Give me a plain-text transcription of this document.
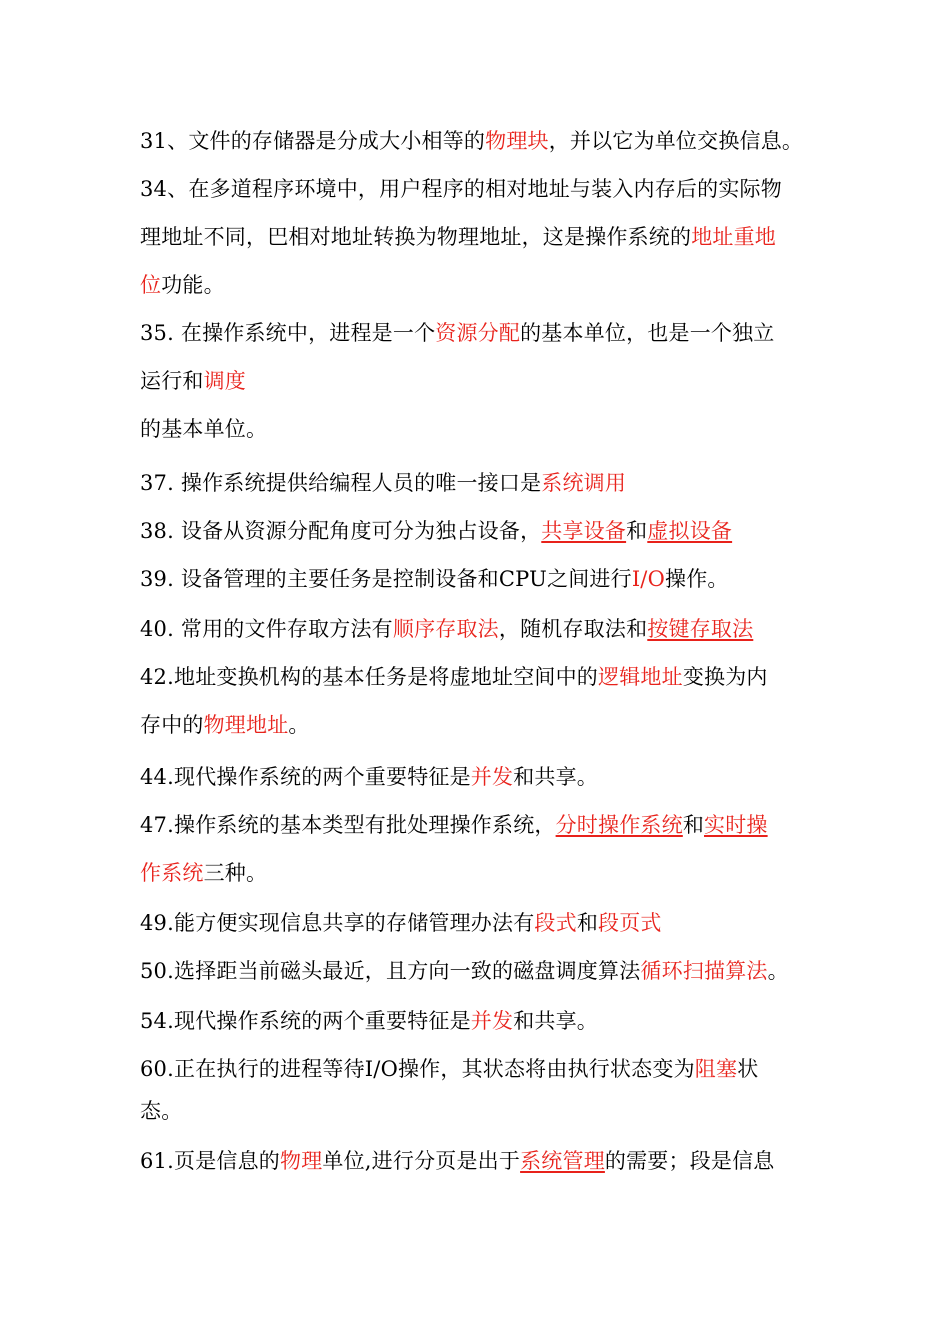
31、文件的存储器是分成大小相等的物理块，并以它为单位交换信息。
34、在多道程序环境中，用户程序的相对地址与装入内存后的实际物
理地址不同，巴相对地址转换为物理地址，这是操作系统的地址重地
位功能。
35. 在操作系统中，进程是一个资源分配的基本单位，也是一个独立
运行和调度
的基本单位。
37. 操作系统提供给编程人员的唯一接口是系统调用
38. 设备从资源分配角度可分为独占设备，共享设备和虚拟设备
39. 设备管理的主要任务是控制设备和CPU之间进行I/O操作。
40. 常用的文件存取方法有顺序存取法，随机存取法和按键存取法
42.地址变换机构的基本任务是将虚地址空间中的逻辑地址变换为内
存中的物理地址。
44.现代操作系统的两个重要特征是并发和共享。
47.操作系统的基本类型有批处理操作系统，分时操作系统和实时操
作系统三种。
49.能方便实现信息共享的存储管理办法有段式和段页式
50.选择距当前磁头最近，且方向一致的磁盘调度算法循环扫描算法。
54.现代操作系统的两个重要特征是并发和共享。
60.正在执行的进程等待I/O操作，其状态将由执行状态变为阻塞状
态。
61.页是信息的物理单位,进行分页是出于系统管理的需要；段是信息
